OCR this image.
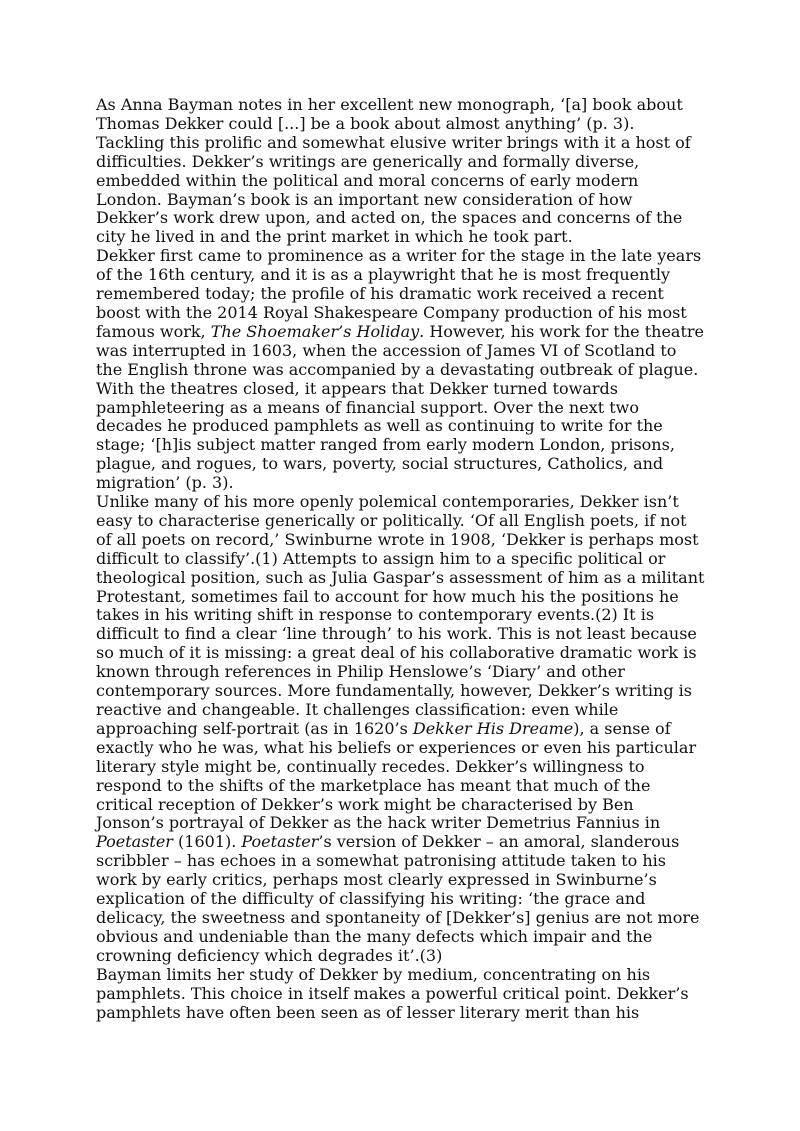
As Anna Bayman notes in her excellent new monograph, ‘[a] book about Thomas Dekker could [...] be a book about almost anything’ (p. 3). Tackling this prolific and somewhat elusive writer brings with it a host of difficulties. Dekker’s writings are generically and formally diverse, embedded within the political and moral concerns of early modern London. Bayman’s book is an important new consideration of how Dekker’s work drew upon, and acted on, the spaces and concerns of the city he lived in and the print market in which he took part.

Dekker first came to prominence as a writer for the stage in the late years of the 16th century, and it is as a playwright that he is most frequently remembered today; the profile of his dramatic work received a recent boost with the 2014 Royal Shakespeare Company production of his most famous work, The Shoemaker’s Holiday. However, his work for the theatre was interrupted in 1603, when the accession of James VI of Scotland to the English throne was accompanied by a devastating outbreak of plague. With the theatres closed, it appears that Dekker turned towards pamphleteering as a means of financial support. Over the next two decades he produced pamphlets as well as continuing to write for the stage; ‘[h]is subject matter ranged from early modern London, prisons, plague, and rogues, to wars, poverty, social structures, Catholics, and migration’ (p. 3).

Unlike many of his more openly polemical contemporaries, Dekker isn’t easy to characterise generically or politically. ‘Of all English poets, if not of all poets on record,’ Swinburne wrote in 1908, ‘Dekker is perhaps most difficult to classify’.(1) Attempts to assign him to a specific political or theological position, such as Julia Gaspar’s assessment of him as a militant Protestant, sometimes fail to account for how much his the positions he takes in his writing shift in response to contemporary events.(2) It is difficult to find a clear ‘line through’ to his work. This is not least because so much of it is missing: a great deal of his collaborative dramatic work is known through references in Philip Henslowe’s ‘Diary’ and other contemporary sources. More fundamentally, however, Dekker’s writing is reactive and changeable. It challenges classification: even while approaching self-portrait (as in 1620’s Dekker His Dreame), a sense of exactly who he was, what his beliefs or experiences or even his particular literary style might be, continually recedes. Dekker’s willingness to respond to the shifts of the marketplace has meant that much of the critical reception of Dekker’s work might be characterised by Ben Jonson’s portrayal of Dekker as the hack writer Demetrius Fannius in Poetaster (1601). Poetaster’s version of Dekker – an amoral, slanderous scribbler – has echoes in a somewhat patronising attitude taken to his work by early critics, perhaps most clearly expressed in Swinburne’s explication of the difficulty of classifying his writing: ‘the grace and delicacy, the sweetness and spontaneity of [Dekker’s] genius are not more obvious and undeniable than the many defects which impair and the crowning deficiency which degrades it’.(3)

Bayman limits her study of Dekker by medium, concentrating on his pamphlets. This choice in itself makes a powerful critical point. Dekker’s pamphlets have often been seen as of lesser literary merit than his
